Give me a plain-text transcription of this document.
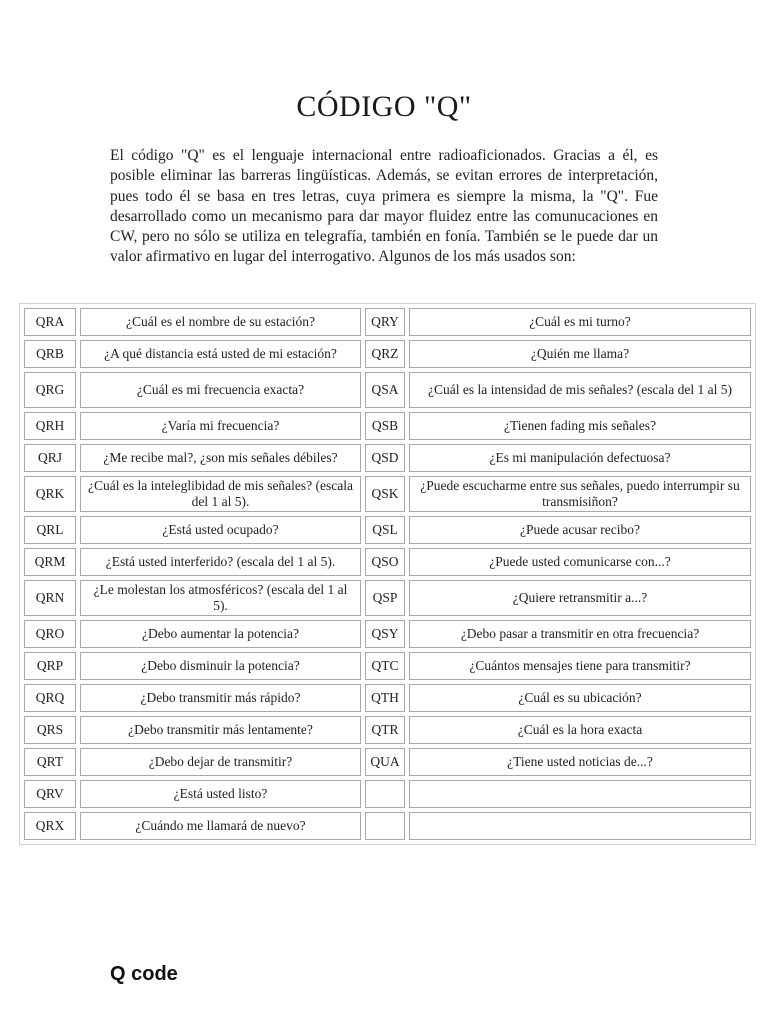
CÓDIGO "Q"

El código "Q" es el lenguaje internacional entre radioaficionados. Gracias a él, es posible eliminar las barreras lingüísticas. Además, se evitan errores de interpretación, pues todo él se basa en tres letras, cuya primera es siempre la misma, la "Q". Fue desarrollado como un mecanismo para dar mayor fluidez entre las comunucaciones en CW, pero no sólo se utiliza en telegrafía, también en fonía. También se le puede dar un valor afirmativo en lugar del interrogativo. Algunos de los más usados son:

QRA	¿Cuál es el nombre de su estación?	QRY	¿Cuál es mi turno?
QRB	¿A qué distancia está usted de mi estación?	QRZ	¿Quién me llama?
QRG	¿Cuál es mi frecuencia exacta?	QSA	¿Cuál es la intensidad de mis señales? (escala del 1 al 5)
QRH	¿Varía mi frecuencia?	QSB	¿Tienen fading mis señales?
QRJ	¿Me recibe mal?, ¿son mis señales débiles?	QSD	¿Es mi manipulación defectuosa?
QRK	¿Cuál es la inteleglibidad de mis señales? (escala del 1 al 5).	QSK	¿Puede escucharme entre sus señales, puedo interrumpir su transmisiñon?
QRL	¿Está usted ocupado?	QSL	¿Puede acusar recibo?
QRM	¿Está usted interferido? (escala del 1 al 5).	QSO	¿Puede usted comunicarse con...?
QRN	¿Le molestan los atmosféricos? (escala del 1 al 5).	QSP	¿Quiere retransmitir a...?
QRO	¿Debo aumentar la potencia?	QSY	¿Debo pasar a transmitir en otra frecuencia?
QRP	¿Debo disminuir la potencia?	QTC	¿Cuántos mensajes tiene para transmitir?
QRQ	¿Debo transmitir más rápido?	QTH	¿Cuál es su ubicación?
QRS	¿Debo transmitir más lentamente?	QTR	¿Cuál es la hora exacta
QRT	¿Debo dejar de transmitir?	QUA	¿Tiene usted noticias de...?
QRV	¿Está usted listo?		
QRX	¿Cuándo me llamará de nuevo?		
Q code
